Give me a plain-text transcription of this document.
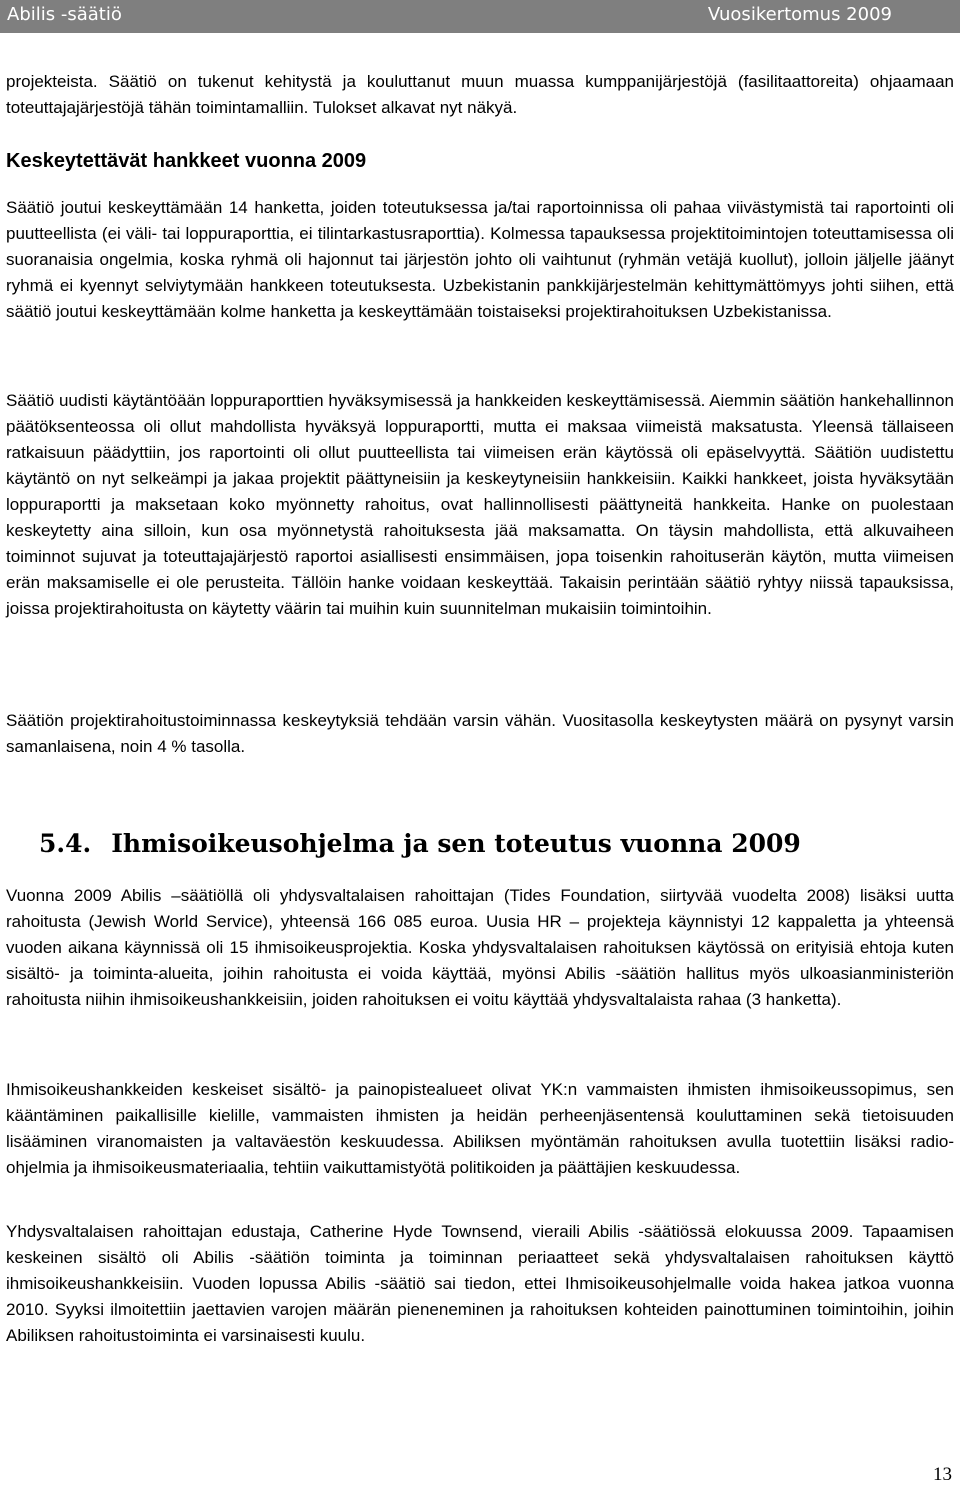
Abilis -säätiö	Vuosikertomus 2009

projekteista. Säätiö on tukenut kehitystä ja kouluttanut muun muassa kumppanijärjestöjä (fasilitaattoreita) ohjaamaan toteuttajajärjestöjä tähän toimintamalliin. Tulokset alkavat nyt näkyä.

Keskeytettävät hankkeet vuonna 2009

Säätiö joutui keskeyttämään 14 hanketta, joiden toteutuksessa ja/tai raportoinnissa oli pahaa viivästymistä tai raportointi oli puutteellista (ei väli- tai loppuraporttia, ei tilintarkastusraporttia). Kolmessa tapauksessa projektitoimintojen toteuttamisessa oli suoranaisia ongelmia, koska ryhmä oli hajonnut tai järjestön johto oli vaihtunut (ryhmän vetäjä kuollut), jolloin jäljelle jäänyt ryhmä ei kyennyt selviytymään hankkeen toteutuksesta. Uzbekistanin pankkijärjestelmän kehittymättömyys johti siihen, että säätiö joutui keskeyttämään kolme hanketta ja keskeyttämään toistaiseksi projektirahoituksen Uzbekistanissa.

Säätiö uudisti käytäntöään loppuraporttien hyväksymisessä ja hankkeiden keskeyttämisessä. Aiemmin säätiön hankehallinnon päätöksenteossa oli ollut mahdollista hyväksyä loppuraportti, mutta ei maksaa viimeistä maksatusta. Yleensä tällaiseen ratkaisuun päädyttiin, jos raportointi oli ollut puutteellista tai viimeisen erän käytössä oli epäselvyyttä. Säätiön uudistettu käytäntö on nyt selkeämpi ja jakaa projektit päättyneisiin ja keskeytyneisiin hankkeisiin. Kaikki hankkeet, joista hyväksytään loppuraportti ja maksetaan koko myönnetty rahoitus, ovat hallinnollisesti päättyneitä hankkeita. Hanke on puolestaan keskeytetty aina silloin, kun osa myönnetystä rahoituksesta jää maksamatta. On täysin mahdollista, että alkuvaiheen toiminnot sujuvat ja toteuttajajärjestö raportoi asiallisesti ensimmäisen, jopa toisenkin rahoituserän käytön, mutta viimeisen erän maksamiselle ei ole perusteita. Tällöin hanke voidaan keskeyttää. Takaisin perintään säätiö ryhtyy niissä tapauksissa, joissa projektirahoitusta on käytetty väärin tai muihin kuin suunnitelman mukaisiin toimintoihin.

Säätiön projektirahoitustoiminnassa keskeytyksiä tehdään varsin vähän. Vuositasolla keskeytysten määrä on pysynyt varsin samanlaisena, noin 4 % tasolla.

5.4. Ihmisoikeusohjelma ja sen toteutus vuonna 2009

Vuonna 2009 Abilis –säätiöllä oli yhdysvaltalaisen rahoittajan (Tides Foundation, siirtyvää vuodelta 2008) lisäksi uutta rahoitusta (Jewish World Service), yhteensä 166 085 euroa. Uusia HR – projekteja käynnistyi 12 kappaletta ja yhteensä vuoden aikana käynnissä oli 15 ihmisoikeusprojektia. Koska yhdysvaltalaisen rahoituksen käytössä on erityisiä ehtoja kuten sisältö- ja toiminta-alueita, joihin rahoitusta ei voida käyttää, myönsi Abilis -säätiön hallitus myös ulkoasianministeriön rahoitusta niihin ihmisoikeushankkeisiin, joiden rahoituksen ei voitu käyttää yhdysvaltalaista rahaa (3 hanketta).

Ihmisoikeushankkeiden keskeiset sisältö- ja painopistealueet olivat YK:n vammaisten ihmisten ihmisoikeussopimus, sen kääntäminen paikallisille kielille, vammaisten ihmisten ja heidän perheenjäsentensä kouluttaminen sekä tietoisuuden lisääminen viranomaisten ja valtaväestön keskuudessa. Abiliksen myöntämän rahoituksen avulla tuotettiin lisäksi radio-ohjelmia ja ihmisoikeusmateriaalia, tehtiin vaikuttamistyötä politikoiden ja päättäjien keskuudessa.

Yhdysvaltalaisen rahoittajan edustaja, Catherine Hyde Townsend, vieraili Abilis -säätiössä elokuussa 2009. Tapaamisen keskeinen sisältö oli Abilis -säätiön toiminta ja toiminnan periaatteet sekä yhdysvaltalaisen rahoituksen käyttö ihmisoikeushankkeisiin. Vuoden lopussa Abilis -säätiö sai tiedon, ettei Ihmisoikeusohjelmalle voida hakea jatkoa vuonna 2010. Syyksi ilmoitettiin jaettavien varojen määrän pieneneminen ja rahoituksen kohteiden painottuminen toimintoihin, joihin Abiliksen rahoitustoiminta ei varsinaisesti kuulu.

13
